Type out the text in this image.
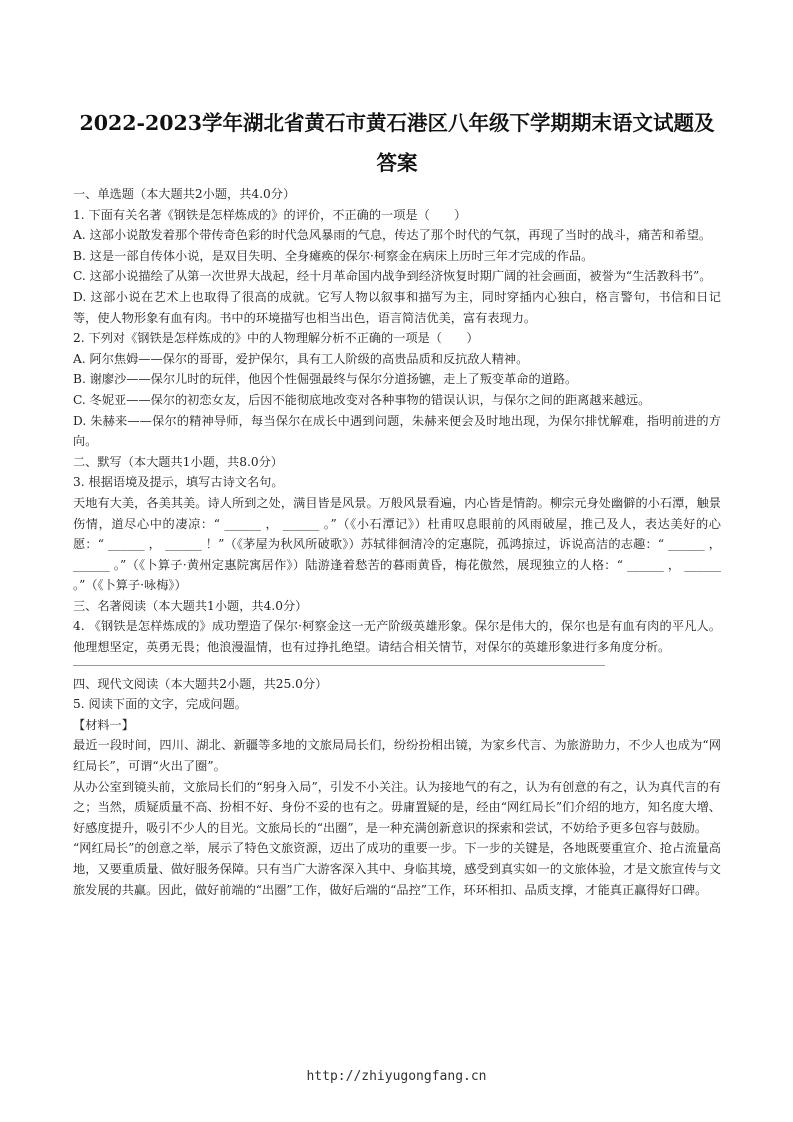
2022-2023学年湖北省黄石市黄石港区八年级下学期期末语文试题及
答案

一、单选题（本大题共2小题，共4.0分）

1. 下面有关名著《钢铁是怎样炼成的》的评价，不正确的一项是（　　）

A. 这部小说散发着那个带传奇色彩的时代急风暴雨的气息，传达了那个时代的气氛，再现了当时的战斗，痛苦和希望。

B. 这是一部自传体小说，是双目失明、全身瘫痪的保尔·柯察金在病床上历时三年才完成的作品。

C. 这部小说描绘了从第一次世界大战起，经十月革命国内战争到经济恢复时期广阔的社会画面，被誉为“生活教科书”。

D. 这部小说在艺术上也取得了很高的成就。它写人物以叙事和描写为主，同时穿插内心独白，格言警句，书信和日记等，使人物形象有血有肉。书中的环境描写也相当出色，语言简洁优美，富有表现力。

2. 下列对《钢铁是怎样炼成的》中的人物理解分析不正确的一项是（　　）

A. 阿尔焦姆——保尔的哥哥，爱护保尔，具有工人阶级的高贵品质和反抗敌人精神。

B. 谢廖沙——保尔儿时的玩伴，他因个性倔强最终与保尔分道扬镳，走上了叛变革命的道路。

C. 冬妮亚——保尔的初恋女友，后因不能彻底地改变对各种事物的错误认识，与保尔之间的距离越来越远。

D. 朱赫来——保尔的精神导师，每当保尔在成长中遇到问题，朱赫来便会及时地出现，为保尔排忧解难，指明前进的方向。

二、默写（本大题共1小题，共8.0分）

3. 根据语境及提示，填写古诗文名句。

天地有大美，各美其美。诗人所到之处，满目皆是风景。万般风景看遍，内心皆是情韵。柳宗元身处幽僻的小石潭，触景伤情，道尽心中的凄凉：“ ______ ， ______ 。”（《小石潭记》）杜甫叹息眼前的风雨破屋，推己及人，表达美好的心愿：“ ______ ， ______ ！”（《茅屋为秋风所破歌》）苏轼徘徊清冷的定惠院，孤鸿掠过，诉说高洁的志趣：“ ______ ， ______ 。”（《卜算子·黄州定惠院寓居作》）陆游逢着愁苦的暮雨黄昏，梅花傲然，展现独立的人格：“ ______ ， ______ 。”（《卜算子·咏梅》）

三、名著阅读（本大题共1小题，共4.0分）

4. 《钢铁是怎样炼成的》成功塑造了保尔·柯察金这一无产阶级英雄形象。保尔是伟大的，保尔也是有血有肉的平凡人。他理想坚定，英勇无畏；他浪漫温情，也有过挣扎绝望。请结合相关情节，对保尔的英雄形象进行多角度分析。

四、现代文阅读（本大题共2小题，共25.0分）

5. 阅读下面的文字，完成问题。

【材料一】

最近一段时间，四川、湖北、新疆等多地的文旅局局长们，纷纷扮相出镜，为家乡代言、为旅游助力，不少人也成为“网红局长”，可谓“火出了圈”。

从办公室到镜头前，文旅局长们的“躬身入局”，引发不小关注。认为接地气的有之，认为有创意的有之，认为真代言的有之；当然，质疑质量不高、扮相不好、身份不妥的也有之。毋庸置疑的是，经由“网红局长”们介绍的地方，知名度大增、好感度提升，吸引不少人的目光。文旅局长的“出圈”，是一种充满创新意识的探索和尝试，不妨给予更多包容与鼓励。

“网红局长”的创意之举，展示了特色文旅资源，迈出了成功的重要一步。下一步的关键是，各地既要重宣介、抢占流量高地，又要重质量、做好服务保障。只有当广大游客深入其中、身临其境，感受到真实如一的文旅体验，才是文旅宣传与文旅发展的共赢。因此，做好前端的“出圈”工作，做好后端的“品控”工作，环环相扣、品质支撑，才能真正赢得好口碑。

http://zhiyugongfang.cn
